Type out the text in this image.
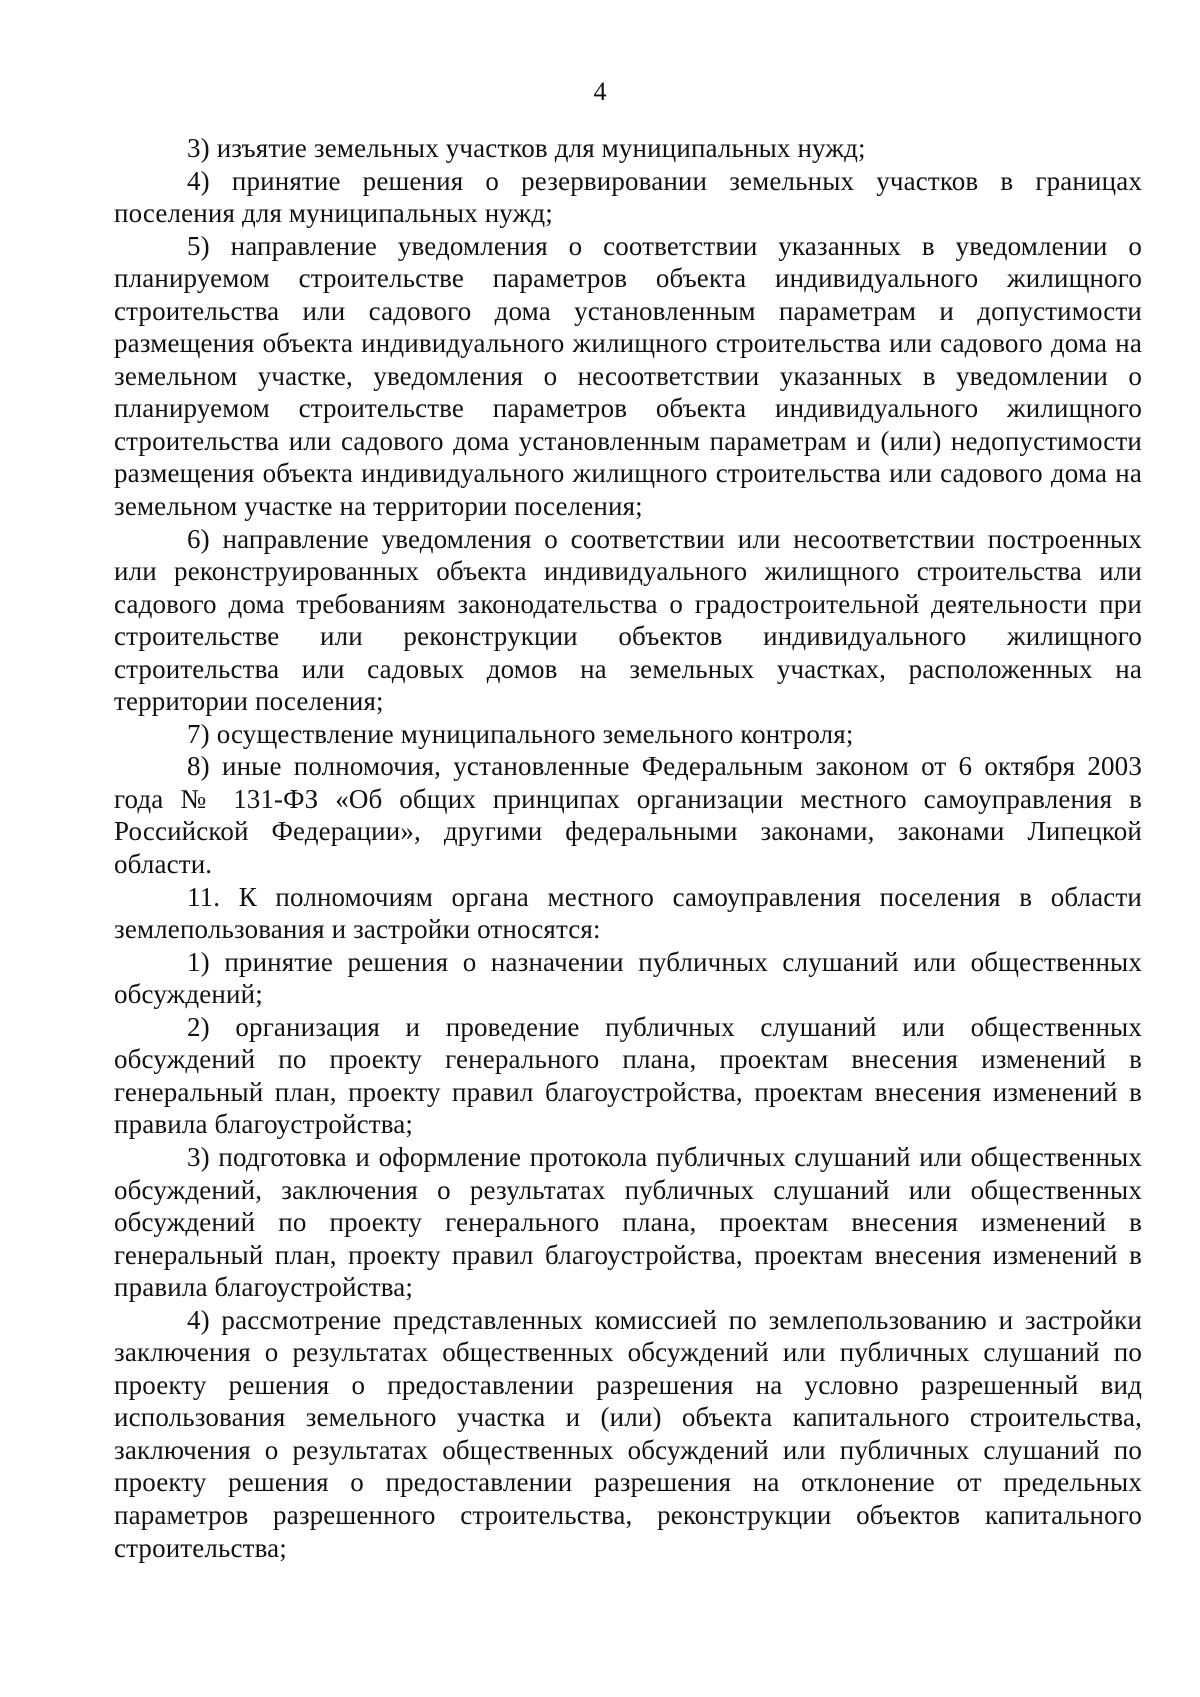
4

3) изъятие земельных участков для муниципальных нужд;

4) принятие решения о резервировании земельных участков в границах поселения для муниципальных нужд;

5) направление уведомления о соответствии указанных в уведомлении о планируемом строительстве параметров объекта индивидуального жилищного строительства или садового дома установленным параметрам и допустимости размещения объекта индивидуального жилищного строительства или садового дома на земельном участке, уведомления о несоответствии указанных в уведомлении о планируемом строительстве параметров объекта индивидуального жилищного строительства или садового дома установленным параметрам и (или) недопустимости размещения объекта индивидуального жилищного строительства или садового дома на земельном участке на территории поселения;

6) направление уведомления о соответствии или несоответствии построенных или реконструированных объекта индивидуального жилищного строительства или садового дома требованиям законодательства о градостроительной деятельности при строительстве или реконструкции объектов индивидуального жилищного строительства или садовых домов на земельных участках, расположенных на территории поселения;

7) осуществление муниципального земельного контроля;

8) иные полномочия, установленные Федеральным законом от 6 октября 2003 года № 131-ФЗ «Об общих принципах организации местного самоуправления в Российской Федерации», другими федеральными законами, законами Липецкой области.

11. К полномочиям органа местного самоуправления поселения в области землепользования и застройки относятся:

1) принятие решения о назначении публичных слушаний или общественных обсуждений;

2) организация и проведение публичных слушаний или общественных обсуждений по проекту генерального плана, проектам внесения изменений в генеральный план, проекту правил благоустройства, проектам внесения изменений в правила благоустройства;

3) подготовка и оформление протокола публичных слушаний или общественных обсуждений, заключения о результатах публичных слушаний или общественных обсуждений по проекту генерального плана, проектам внесения изменений в генеральный план, проекту правил благоустройства, проектам внесения изменений в правила благоустройства;

4) рассмотрение представленных комиссией по землепользованию и застройки заключения о результатах общественных обсуждений или публичных слушаний по проекту решения о предоставлении разрешения на условно разрешенный вид использования земельного участка и (или) объекта капитального строительства, заключения о результатах общественных обсуждений или публичных слушаний по проекту решения о предоставлении разрешения на отклонение от предельных параметров разрешенного строительства, реконструкции объектов капитального строительства;
